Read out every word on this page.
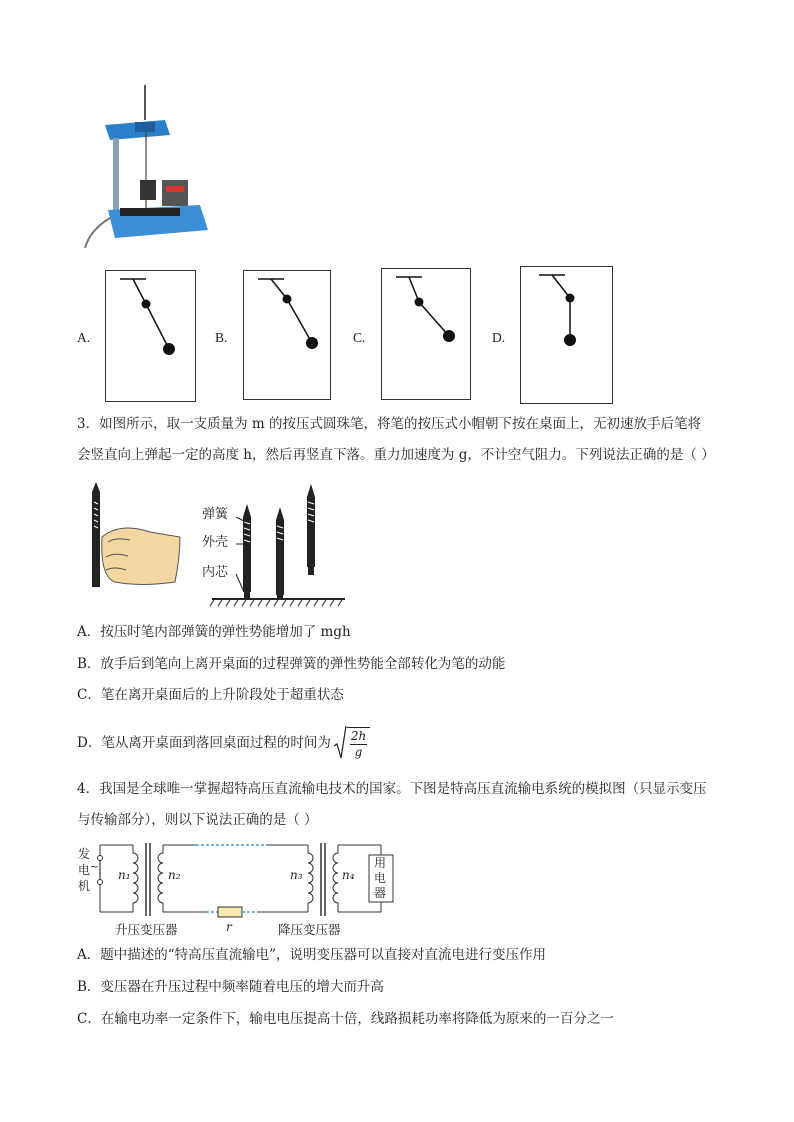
A.	B.	C.	D.
3．如图所示，取一支质量为 m 的按压式圆珠笔，将笔的按压式小帽朝下按在桌面上，无初速放手后笔将
会竖直向上弹起一定的高度 h，然后再竖直下落。重力加速度为 g，不计空气阻力。下列说法正确的是（ ）
弹簧
外壳
内芯
A．按压时笔内部弹簧的弹性势能增加了 mgh
B．放手后到笔向上离开桌面的过程弹簧的弹性势能全部转化为笔的动能
C．笔在离开桌面后的上升阶段处于超重状态
D．笔从离开桌面到落回桌面过程的时间为 $\frac{2h}{g}$
4．我国是全球唯一掌握超特高压直流输电技术的国家。下图是特高压直流输电系统的模拟图（只显示变压
与传输部分），则以下说法正确的是（ ）
发
~
电
机
n₁	n₂	n₃	n₄
r
用
电
器
升压变压器	降压变压器
A．题中描述的“特高压直流输电”，说明变压器可以直接对直流电进行变压作用
B．变压器在升压过程中频率随着电压的增大而升高
C．在输电功率一定条件下，输电电压提高十倍，线路损耗功率将降低为原来的一百分之一
